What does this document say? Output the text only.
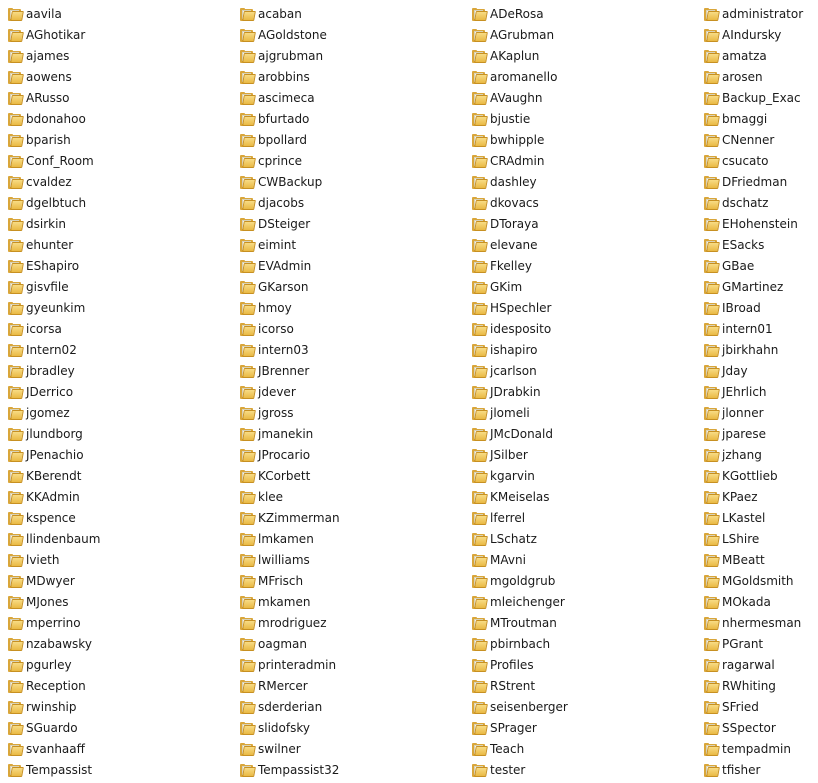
aavila	acaban	ADeRosa	administrator
AGhotikar	AGoldstone	AGrubman	AIndursky
ajames	ajgrubman	AKaplun	amatza
aowens	arobbins	aromanello	arosen
ARusso	ascimeca	AVaughn	Backup_Exac
bdonahoo	bfurtado	bjustie	bmaggi
bparish	bpollard	bwhipple	CNenner
Conf_Room	cprince	CRAdmin	csucato
cvaldez	CWBackup	dashley	DFriedman
dgelbtuch	djacobs	dkovacs	dschatz
dsirkin	DSteiger	DToraya	EHohenstein
ehunter	eimint	elevane	ESacks
EShapiro	EVAdmin	Fkelley	GBae
gisvfile	GKarson	GKim	GMartinez
gyeunkim	hmoy	HSpechler	IBroad
icorsa	icorso	idesposito	intern01
Intern02	intern03	ishapiro	jbirkhahn
jbradley	JBrenner	jcarlson	Jday
JDerrico	jdever	JDrabkin	JEhrlich
jgomez	jgross	jlomeli	jlonner
jlundborg	jmanekin	JMcDonald	jparese
JPenachio	JProcario	JSilber	jzhang
KBerendt	KCorbett	kgarvin	KGottlieb
KKAdmin	klee	KMeiselas	KPaez
kspence	KZimmerman	lferrel	LKastel
llindenbaum	lmkamen	LSchatz	LShire
lvieth	lwilliams	MAvni	MBeatt
MDwyer	MFrisch	mgoldgrub	MGoldsmith
MJones	mkamen	mleichenger	MOkada
mperrino	mrodriguez	MTroutman	nhermesman
nzabawsky	oagman	pbirnbach	PGrant
pgurley	printeradmin	Profiles	ragarwal
Reception	RMercer	RStrent	RWhiting
rwinship	sderderian	seisenberger	SFried
SGuardo	slidofsky	SPrager	SSpector
svanhaaff	swilner	Teach	tempadmin
Tempassist	Tempassist32	tester	tfisher
